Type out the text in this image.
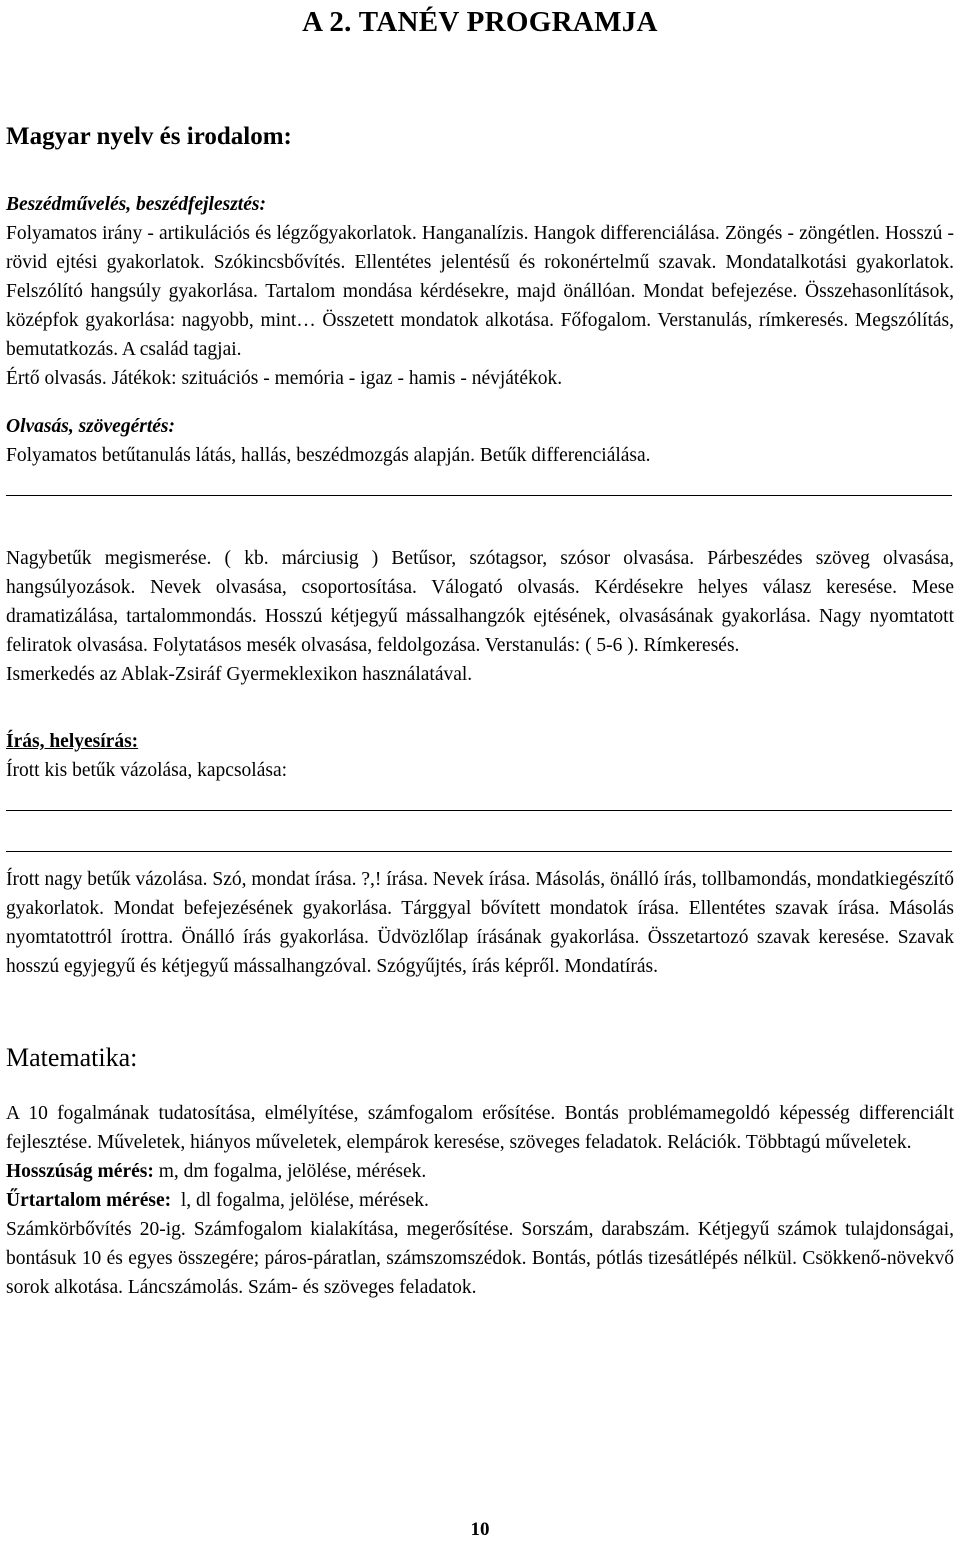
A 2. TANÉV PROGRAMJA
Magyar nyelv és irodalom:
Beszédművelés, beszédfejlesztés:
Folyamatos irány - artikulációs és légzőgyakorlatok. Hanganalízis. Hangok differenciálása. Zöngés - zöngétlen. Hosszú - rövid ejtési gyakorlatok. Szókincsbővítés. Ellentétes jelentésű és rokonértelmű szavak. Mondatalkotási gyakorlatok. Felszólító hangsúly gyakorlása. Tartalom mondása kérdésekre, majd önállóan. Mondat befejezése. Összehasonlítások, középfok gyakorlása: nagyobb, mint… Összetett mondatok alkotása. Főfogalom. Verstanulás, rímkeresés. Megszólítás, bemutatkozás. A család tagjai.
Értő olvasás. Játékok: szituációs - memória - igaz - hamis - névjátékok.
Olvasás, szövegértés:
Folyamatos betűtanulás látás, hallás, beszédmozgás alapján. Betűk differenciálása.
Nagybetűk megismerése. ( kb. márciusig ) Betűsor, szótagsor, szósor olvasása. Párbeszédes szöveg olvasása, hangsúlyozások. Nevek olvasása, csoportosítása. Válogató olvasás. Kérdésekre helyes válasz keresése. Mese dramatizálása, tartalommondás. Hosszú kétjegyű mássalhangzók ejtésének, olvasásának gyakorlása. Nagy nyomtatott feliratok olvasása. Folytatásos mesék olvasása, feldolgozása. Verstanulás: ( 5-6 ). Rímkeresés.
Ismerkedés az Ablak-Zsiráf Gyermeklexikon használatával.
Írás, helyesírás:
Írott kis betűk vázolása, kapcsolása:
Írott nagy betűk vázolása. Szó, mondat írása. ?,! írása. Nevek írása. Másolás, önálló írás, tollbamondás, mondatkiegészítő gyakorlatok. Mondat befejezésének gyakorlása. Tárggyal bővített mondatok írása. Ellentétes szavak írása. Másolás nyomtatottról írottra. Önálló írás gyakorlása. Üdvözlőlap írásának gyakorlása. Összetartozó szavak keresése. Szavak hosszú egyjegyű és kétjegyű mássalhangzóval. Szógyűjtés, írás képről. Mondatírás.
Matematika:
A 10 fogalmának tudatosítása, elmélyítése, számfogalom erősítése. Bontás problémamegoldó képesség differenciált fejlesztése. Műveletek, hiányos műveletek, elempárok keresése, szöveges feladatok. Relációk. Többtagú műveletek.
Hosszúság mérés: m, dm fogalma, jelölése, mérések.
Űrtartalom mérése:  l, dl fogalma, jelölése, mérések.
Számkörbővítés 20-ig. Számfogalom kialakítása, megerősítése. Sorszám, darabszám. Kétjegyű számok tulajdonságai, bontásuk 10 és egyes összegére; páros-páratlan, számszomszédok. Bontás, pótlás tizesátlépés nélkül. Csökkenő-növekvő sorok alkotása. Láncszámolás. Szám- és szöveges feladatok.
10
